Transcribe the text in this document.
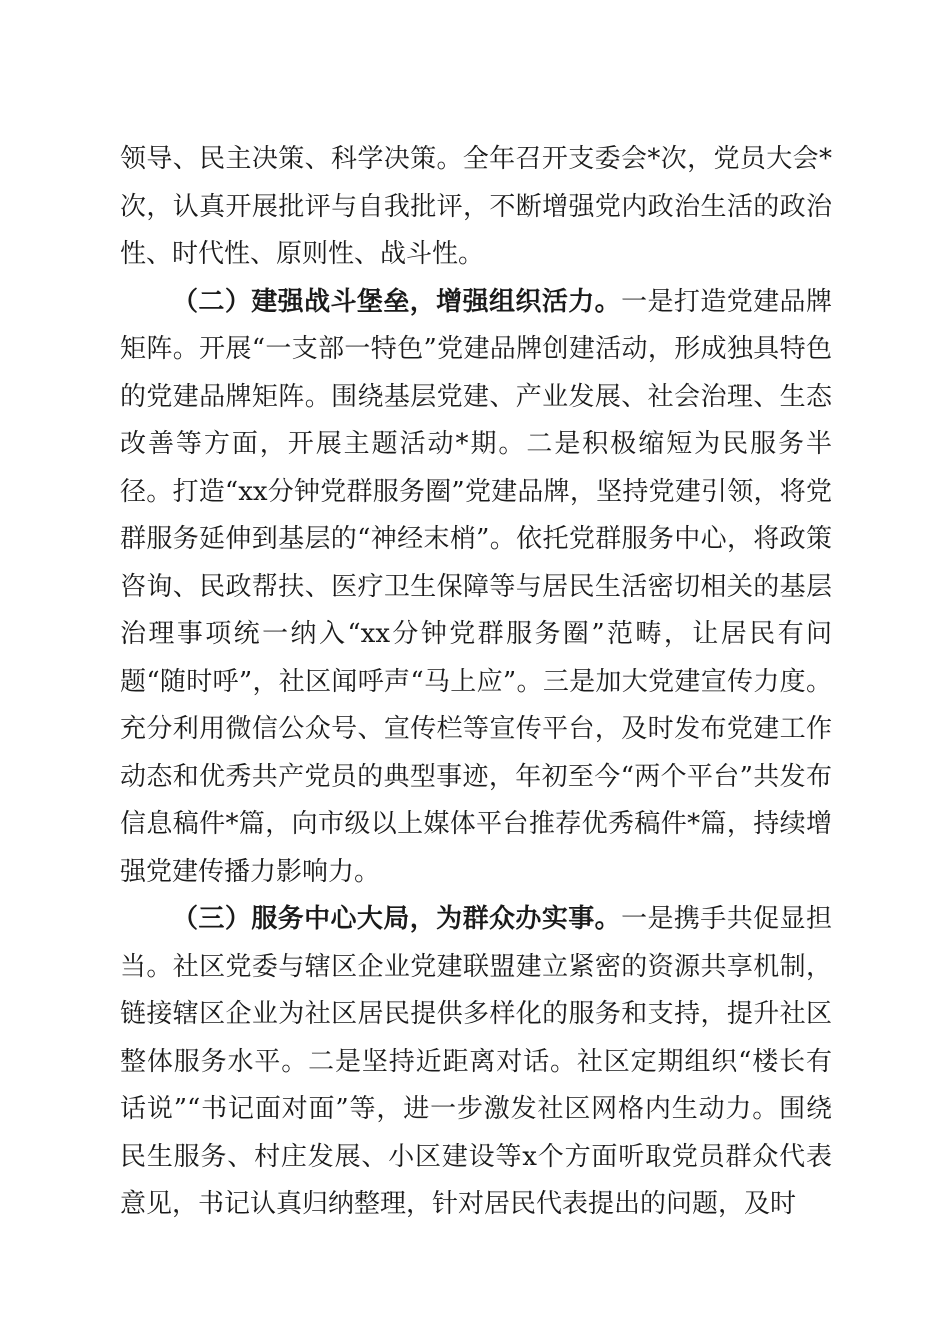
领导、民主决策、科学决策。全年召开支委会*次，党员大会*次，认真开展批评与自我批评，不断增强党内政治生活的政治性、时代性、原则性、战斗性。

（二）建强战斗堡垒，增强组织活力。一是打造党建品牌矩阵。开展“一支部一特色”党建品牌创建活动，形成独具特色的党建品牌矩阵。围绕基层党建、产业发展、社会治理、生态改善等方面，开展主题活动*期。二是积极缩短为民服务半径。打造“xx分钟党群服务圈”党建品牌，坚持党建引领，将党群服务延伸到基层的“神经末梢”。依托党群服务中心，将政策咨询、民政帮扶、医疗卫生保障等与居民生活密切相关的基层治理事项统一纳入“xx分钟党群服务圈”范畴，让居民有问题“随时呼”，社区闻呼声“马上应”。三是加大党建宣传力度。充分利用微信公众号、宣传栏等宣传平台，及时发布党建工作动态和优秀共产党员的典型事迹，年初至今“两个平台”共发布信息稿件*篇，向市级以上媒体平台推荐优秀稿件*篇，持续增强党建传播力影响力。

（三）服务中心大局，为群众办实事。一是携手共促显担当。社区党委与辖区企业党建联盟建立紧密的资源共享机制，链接辖区企业为社区居民提供多样化的服务和支持，提升社区整体服务水平。二是坚持近距离对话。社区定期组织“楼长有话说”“书记面对面”等，进一步激发社区网格内生动力。围绕民生服务、村庄发展、小区建设等x个方面听取党员群众代表意见，书记认真归纳整理，针对居民代表提出的问题，及时
